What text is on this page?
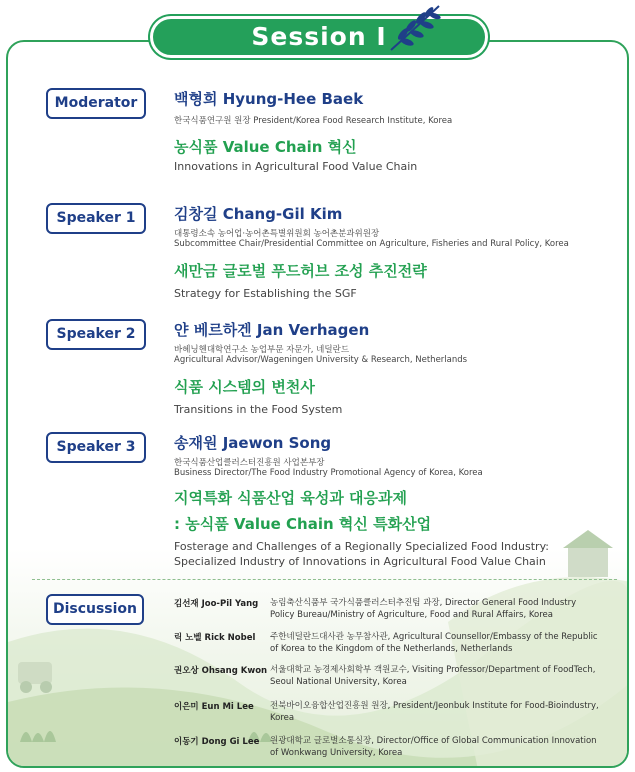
Moderator	백형희 Hyung-Hee Baek
한국식품연구원 원장 President/Korea Food Research Institute, Korea
농식품 Value Chain 혁신
Innovations in Agricultural Food Value Chain
Speaker 1	김창길 Chang-Gil Kim
대통령소속 농어업·농어촌특별위원회 농어촌분과위원장
Subcommittee Chair/Presidential Committee on Agriculture, Fisheries and Rural Policy, Korea
새만금 글로벌 푸드허브 조성 추진전략
Strategy for Establishing the SGF
Speaker 2	얀 베르하겐 Jan Verhagen
바헤닝헨대학연구소 농업부문 자문가, 네덜란드
Agricultural Advisor/Wageningen University & Research, Netherlands
식품 시스템의 변천사
Transitions in the Food System
Speaker 3	송재원 Jaewon Song
한국식품산업클러스터진흥원 사업본부장
Business Director/The Food Industry Promotional Agency of Korea, Korea
지역특화 식품산업 육성과 대응과제
: 농식품 Value Chain 혁신 특화산업
Fosterage and Challenges of a Regionally Specialized Food Industry:
Specialized Industry of Innovations in Agricultural Food Value Chain
Discussion	김선재 Joo-Pil Yang 농림축산식품부 국가식품클러스터추진팀 과장, Director General Food Industry
Policy Bureau/Ministry of Agriculture, Food and Rural Affairs, Korea
릭 노벨 Rick Nobel 주한네덜란드대사관 농무참사관, Agricultural Counsellor/Embassy of the Republic
of Korea to the Kingdom of the Netherlands, Netherlands
권오상 Ohsang Kwon 서울대학교 농경제사회학부 객원교수, Visiting Professor/Department of FoodTech,
Seoul National University, Korea
이은미 Eun Mi Lee 전북바이오융합산업진흥원 원장, President/Jeonbuk Institute for Food-Bioindustry,
Korea
이동기 Dong Gi Lee 원광대학교 글로벌소통실장, Director/Office of Global Communication Innovation
of Wonkwang University, Korea
Session Ⅰ
